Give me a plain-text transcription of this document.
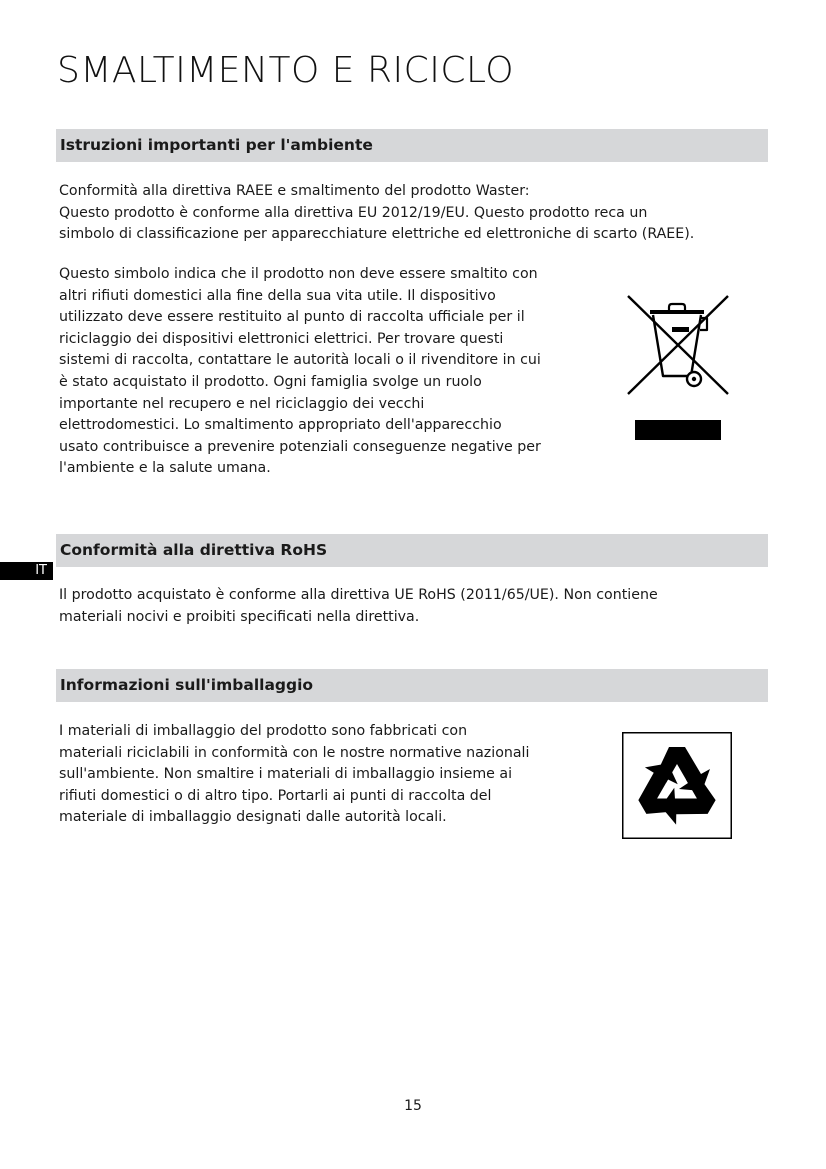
SMALTIMENTO E RICICLO
Istruzioni importanti per l'ambiente
Conformità alla direttiva RAEE e smaltimento del prodotto Waster:
Questo prodotto è conforme alla direttiva EU 2012/19/EU. Questo prodotto reca un
simbolo di classificazione per apparecchiature elettriche ed elettroniche di scarto (RAEE).
Questo simbolo indica che il prodotto non deve essere smaltito con
altri rifiuti domestici alla fine della sua vita utile. Il dispositivo
utilizzato deve essere restituito al punto di raccolta ufficiale per il
riciclaggio dei dispositivi elettronici elettrici. Per trovare questi
sistemi di raccolta, contattare le autorità locali o il rivenditore in cui
è stato acquistato il prodotto. Ogni famiglia svolge un ruolo
importante nel recupero e nel riciclaggio dei vecchi
elettrodomestici. Lo smaltimento appropriato dell'apparecchio
usato contribuisce a prevenire potenziali conseguenze negative per
l'ambiente e la salute umana.
Conformità alla direttiva RoHS
IT
Il prodotto acquistato è conforme alla direttiva UE RoHS (2011/65/UE). Non contiene
materiali nocivi e proibiti specificati nella direttiva.
Informazioni sull'imballaggio
I materiali di imballaggio del prodotto sono fabbricati con
materiali riciclabili in conformità con le nostre normative nazionali
sull'ambiente. Non smaltire i materiali di imballaggio insieme ai
rifiuti domestici o di altro tipo. Portarli ai punti di raccolta del
materiale di imballaggio designati dalle autorità locali.
15
